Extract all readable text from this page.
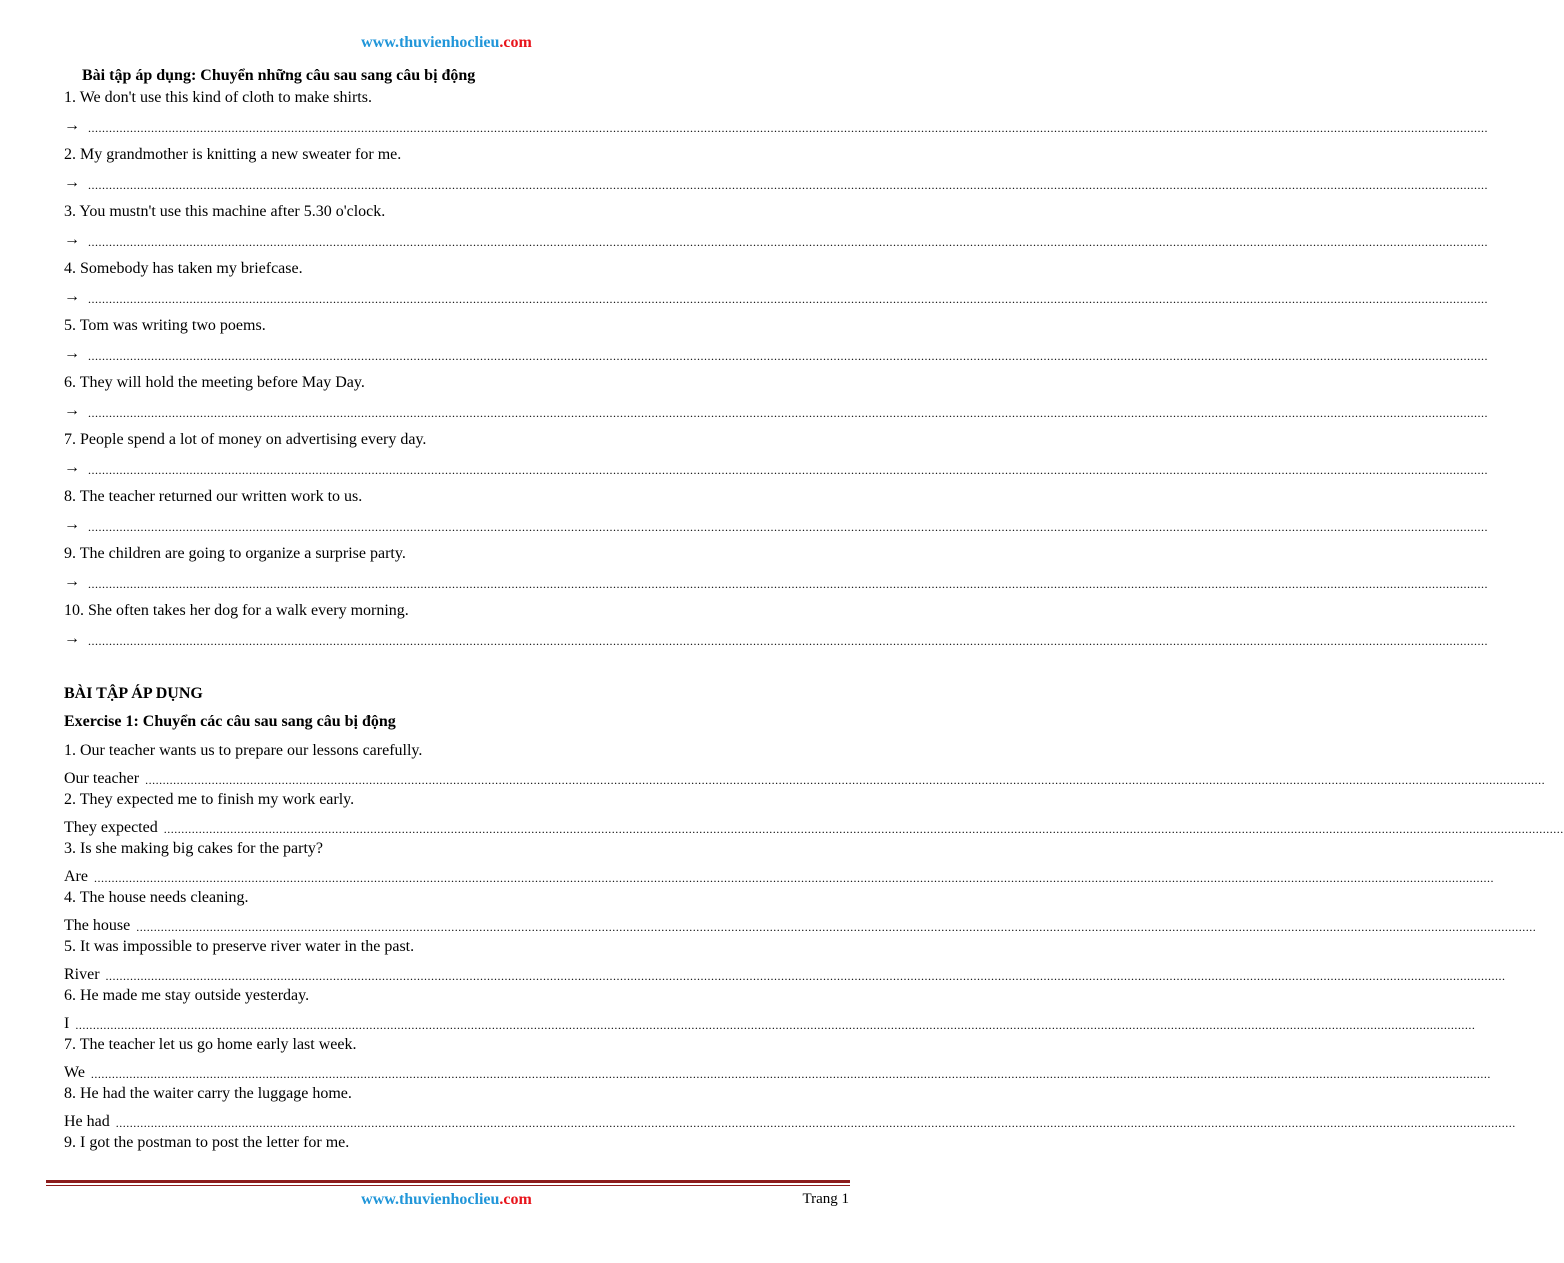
www.thuvienhoclieu.com
Bài tập áp dụng: Chuyển những câu sau sang câu bị động
1. We don't use this kind of cloth to make shirts.
→ ................................................................................................................................................................................................................................................................................................................................................................................................................
2. My grandmother is knitting a new sweater for me.
→ ................................................................................................................................................................................................................................................................................................................................................................................................................
3. You mustn't use this machine after 5.30 o'clock.
→ ................................................................................................................................................................................................................................................................................................................................................................................................................
4. Somebody has taken my briefcase.
→ ................................................................................................................................................................................................................................................................................................................................................................................................................
5. Tom was writing two poems.
→ ................................................................................................................................................................................................................................................................................................................................................................................................................
6. They will hold the meeting before May Day.
→ ................................................................................................................................................................................................................................................................................................................................................................................................................
7. People spend a lot of money on advertising every day.
→ ................................................................................................................................................................................................................................................................................................................................................................................................................
8. The teacher returned our written work to us.
→ ................................................................................................................................................................................................................................................................................................................................................................................................................
9. The children are going to organize a surprise party.
→ ................................................................................................................................................................................................................................................................................................................................................................................................................
10. She often takes her dog for a walk every morning.
→ ................................................................................................................................................................................................................................................................................................................................................................................................................
BÀI TẬP ÁP DỤNG
Exercise 1: Chuyển các câu sau sang câu bị động
1. Our teacher wants us to prepare our lessons carefully.
Our teacher ................................................................................................................................................................................................................................................................................................................................................................................................................
2. They expected me to finish my work early.
They expected ................................................................................................................................................................................................................................................................................................................................................................................................................
3. Is she making big cakes for the party?
Are ................................................................................................................................................................................................................................................................................................................................................................................................................
4. The house needs cleaning.
The house ................................................................................................................................................................................................................................................................................................................................................................................................................
5. It was impossible to preserve river water in the past.
River ................................................................................................................................................................................................................................................................................................................................................................................................................
6. He made me stay outside yesterday.
I ................................................................................................................................................................................................................................................................................................................................................................................................................
7. The teacher let us go home early last week.
We ................................................................................................................................................................................................................................................................................................................................................................................................................
8. He had the waiter carry the luggage home.
He had ................................................................................................................................................................................................................................................................................................................................................................................................................
9. I got the postman to post the letter for me.
www.thuvienhoclieu.com	Trang 1
